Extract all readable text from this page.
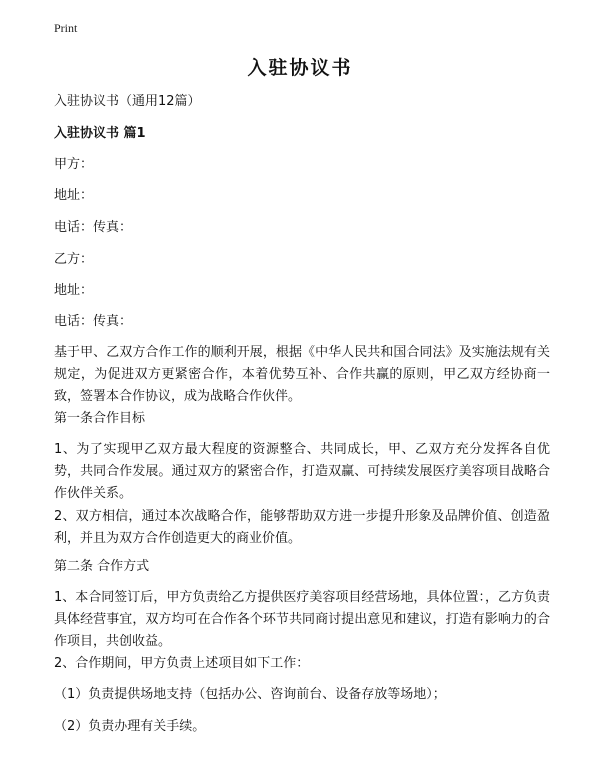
Print
入驻协议书
入驻协议书（通用12篇）
入驻协议书 篇1
甲方：
地址：
电话：传真：
乙方：
地址：
电话：传真：
基于甲、乙双方合作工作的顺利开展，根据《中华人民共和国合同法》及实施法规有关规定，为促进双方更紧密合作，本着优势互补、合作共赢的原则，甲乙双方经协商一致，签署本合作协议，成为战略合作伙伴。
第一条合作目标
1、为了实现甲乙双方最大程度的资源整合、共同成长，甲、乙双方充分发挥各自优势，共同合作发展。通过双方的紧密合作，打造双赢、可持续发展医疗美容项目战略合作伙伴关系。
2、双方相信，通过本次战略合作，能够帮助双方进一步提升形象及品牌价值、创造盈利，并且为双方合作创造更大的商业价值。
第二条 合作方式
1、本合同签订后，甲方负责给乙方提供医疗美容项目经营场地，具体位置：，乙方负责具体经营事宜，双方均可在合作各个环节共同商讨提出意见和建议，打造有影响力的合作项目，共创收益。
2、合作期间，甲方负责上述项目如下工作：
（1）负责提供场地支持（包括办公、咨询前台、设备存放等场地）；
（2）负责办理有关手续。
